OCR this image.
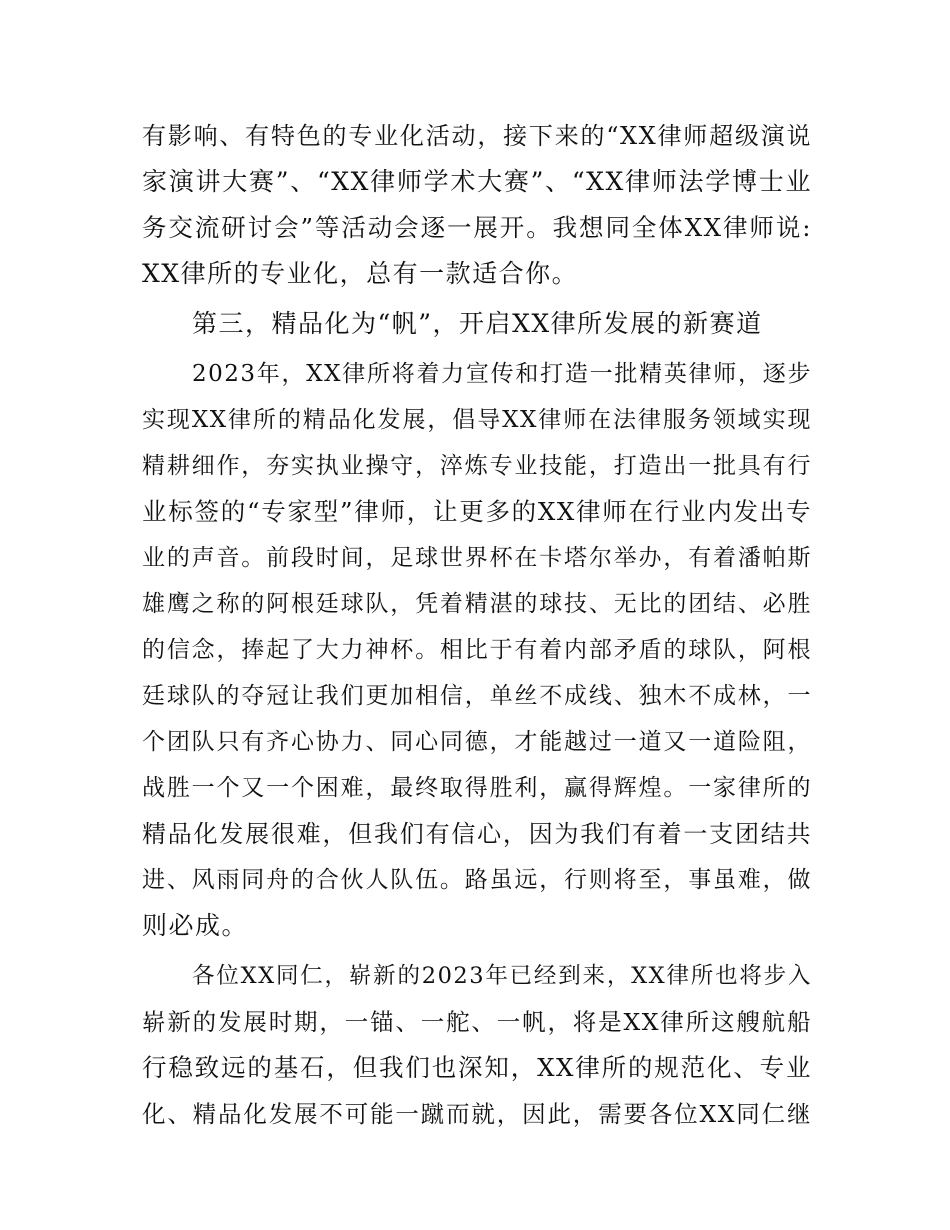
有影响、有特色的专业化活动，接下来的“XX律师超级演说
家演讲大赛”、“XX律师学术大赛”、“XX律师法学博士业
务交流研讨会”等活动会逐一展开。我想同全体XX律师说:
XX律所的专业化，总有一款适合你。
第三，精品化为“帆”，开启XX律所发展的新赛道
2023年，XX律所将着力宣传和打造一批精英律师，逐步
实现XX律所的精品化发展，倡导XX律师在法律服务领域实现
精耕细作，夯实执业操守，淬炼专业技能，打造出一批具有行
业标签的“专家型”律师，让更多的XX律师在行业内发出专
业的声音。前段时间，足球世界杯在卡塔尔举办，有着潘帕斯
雄鹰之称的阿根廷球队，凭着精湛的球技、无比的团结、必胜
的信念，捧起了大力神杯。相比于有着内部矛盾的球队，阿根
廷球队的夺冠让我们更加相信，单丝不成线、独木不成林，一
个团队只有齐心协力、同心同德，才能越过一道又一道险阻，
战胜一个又一个困难，最终取得胜利，赢得辉煌。一家律所的
精品化发展很难，但我们有信心，因为我们有着一支团结共
进、风雨同舟的合伙人队伍。路虽远，行则将至，事虽难，做
则必成。
各位XX同仁，崭新的2023年已经到来，XX律所也将步入
崭新的发展时期，一锚、一舵、一帆，将是XX律所这艘航船
行稳致远的基石，但我们也深知，XX律所的规范化、专业
化、精品化发展不可能一蹴而就，因此，需要各位XX同仁继
